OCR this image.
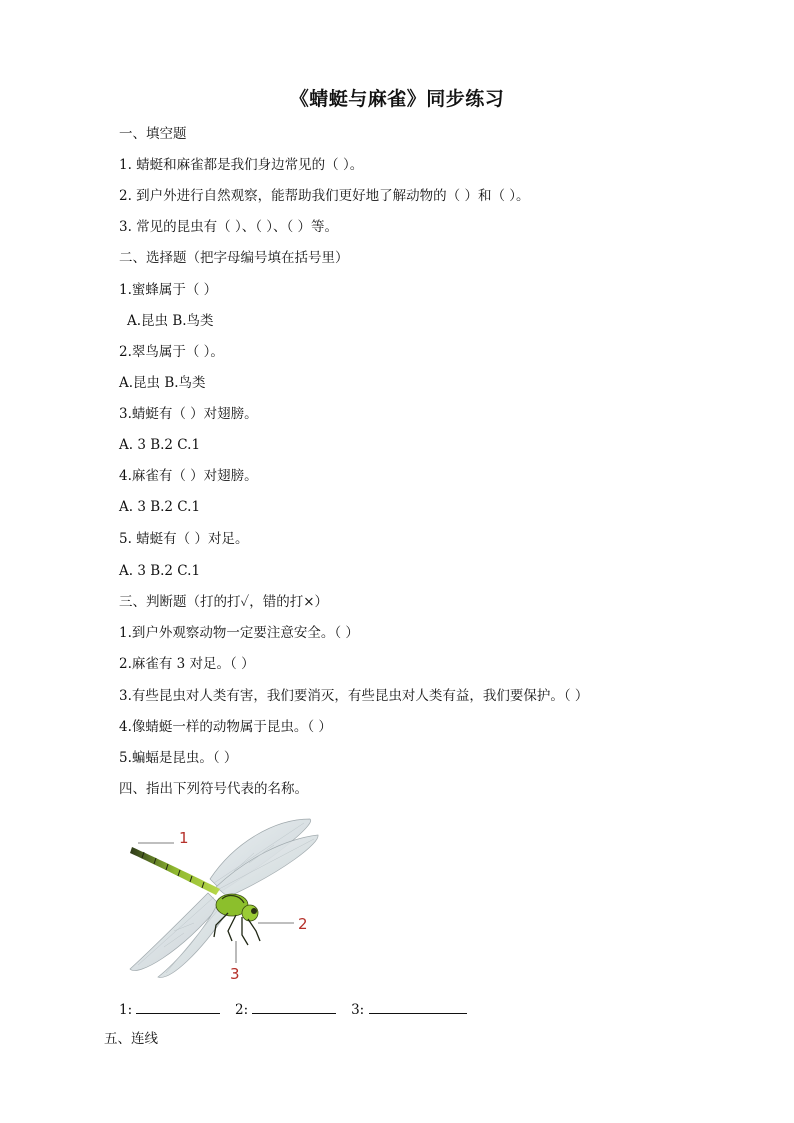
《蜻蜓与麻雀》同步练习
一、填空题
1. 蜻蜓和麻雀都是我们身边常见的（ ）。
2. 到户外进行自然观察，能帮助我们更好地了解动物的（ ）和（ ）。
3. 常见的昆虫有（ ）、（ ）、（ ）等。
二、选择题（把字母编号填在括号里）
1.蜜蜂属于（ ）
A.昆虫 B.鸟类
2.翠鸟属于（ ）。
A.昆虫 B.鸟类
3.蜻蜓有（ ）对翅膀。
A. 3 B.2 C.1
4.麻雀有（ ）对翅膀。
A. 3 B.2 C.1
5. 蜻蜓有（ ）对足。
A. 3 B.2 C.1
三、判断题（打的打✓，错的打×）
1.到户外观察动物一定要注意安全。（ ）
2.麻雀有 3 对足。（ ）
3.有些昆虫对人类有害，我们要消灭，有些昆虫对人类有益，我们要保护。（ ）
4.像蜻蜓一样的动物属于昆虫。（ ）
5.蝙蝠是昆虫。（ ）
四、指出下列符号代表的名称。
1
2
3
1:	2:	3:
五、连线
